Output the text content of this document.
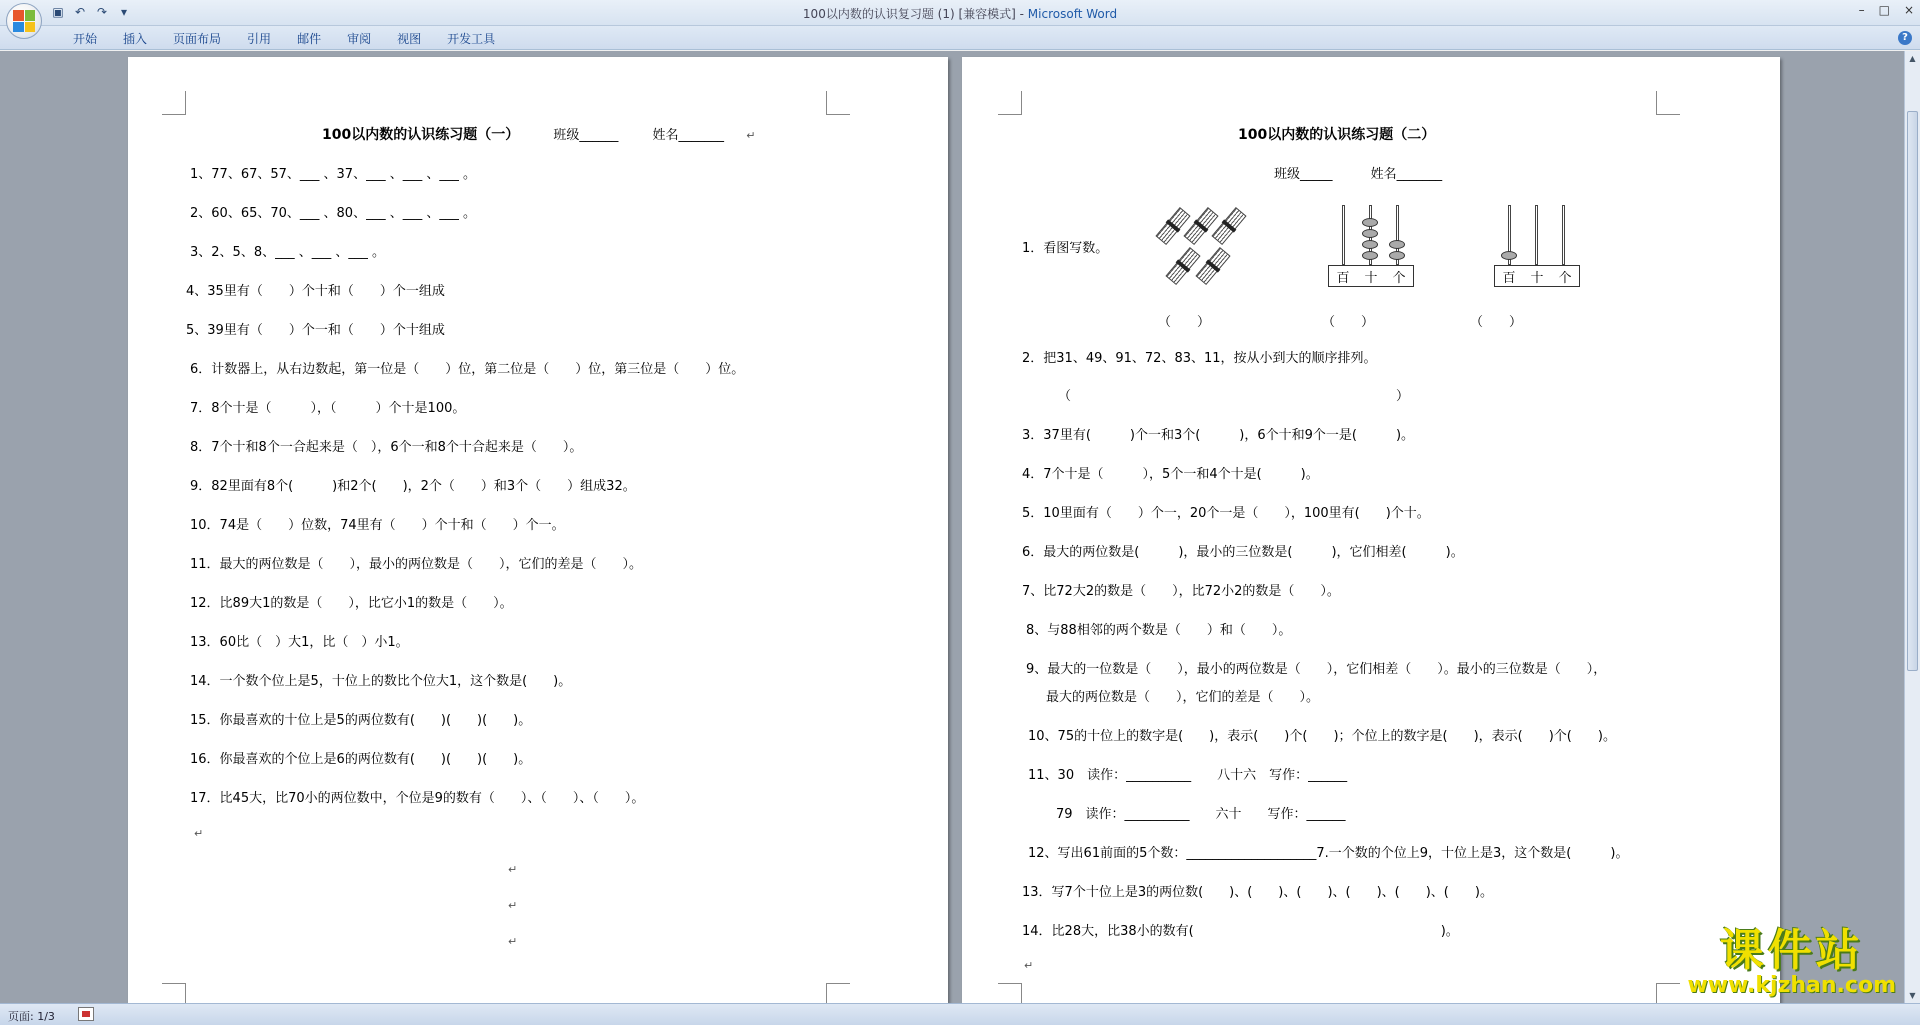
▣ ↶ ↷	▾	100以内数的认识复习题 (1) [兼容模式] - Microsoft Word	– □ ×
开始	插入	页面布局	引用	邮件	审阅	视图	开发工具	?
100以内数的认识练习题（一）	班级______	姓名_______ ↵
1、77、67、57、___ 、37、___ 、___ 、___ 。
2、60、65、70、___ 、80、___ 、___ 、___ 。
3、2、5、8、___ 、___ 、___ 。
4、35里有（　　）个十和（　　）个一组成
5、39里有（　　）个一和（　　）个十组成
6．计数器上，从右边数起，第一位是（　　）位，第二位是（　　）位，第三位是（　　）位。
7．8个十是（　　　），（　　　）个十是100。
8．7个十和8个一合起来是（　），6个一和8个十合起来是（　　）。
9．82里面有8个(　　　)和2个(　　)，2个（　　）和3个（　　）组成32。
10．74是（　　）位数，74里有（　　）个十和（　　）个一。
11．最大的两位数是（　　），最小的两位数是（　　），它们的差是（　　）。
12．比89大1的数是（　　），比它小1的数是（　　）。
13．60比（　）大1，比（　）小1。
14．一个数个位上是5，十位上的数比个位大1，这个数是(　　)。
15．你最喜欢的十位上是5的两位数有(　　)(　　)(　　)。
16．你最喜欢的个位上是6的两位数有(　　)(　　)(　　)。
17．比45大，比70小的两位数中，个位是9的数有（　　）、（　　）、（　　）。
↵
↵
↵
↵
100以内数的认识练习题（二）
班级_____	姓名_______
1．看图写数。
百 十 个	百 十 个
（　　）	（　　）	（　　）
2．把31、49、91、72、83、11，按从小到大的顺序排列。
（　　　　　　　　　　　　　　　　　　　　　　　　　）
3．37里有(　　　)个一和3个(　　　)，6个十和9个一是(　　　)。
4．7个十是（　　　），5个一和4个十是(　　　)。
5．10里面有（　　）个一，20个一是（　　），100里有(　　)个十。
6．最大的两位数是(　　　)，最小的三位数是(　　　)，它们相差(　　　)。
7、比72大2的数是（　　），比72小2的数是（　　）。
8、与88相邻的两个数是（　　）和（　　）。
9、最大的一位数是（　　），最小的两位数是（　　），它们相差（　　）。最小的三位数是（　　），
最大的两位数是（　　），它们的差是（　　）。
10、75的十位上的数字是(　　)，表示(　　)个(　　)；个位上的数字是(　　)，表示(　　)个(　　)。
11、30　读作：__________　　八十六　写作：______
79　读作：__________　　六十　　写作：______
12、写出61前面的5个数：____________________7.一个数的个位上9，十位上是3，这个数是(　　　)。
13．写7个十位上是3的两位数(　　)、(　　)、(　　)、(　　)、(　　)、(　　)。
14．比28大，比38小的数有(　　　　　　　　　　　　　　　　　　　)。
↵
▲
▼
课件站
www.kjzhan.com
页面: 1/3
